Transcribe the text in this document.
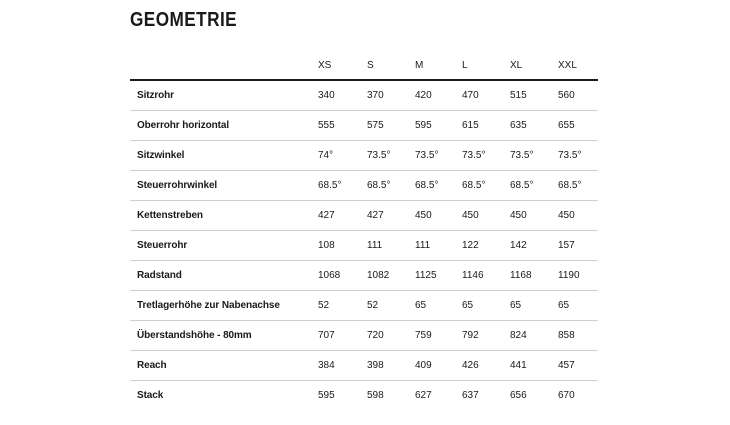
GEOMETRIE
	XS	S	M	L	XL	XXL
Sitzrohr	340	370	420	470	515	560
Oberrohr horizontal	555	575	595	615	635	655
Sitzwinkel	74°	73.5°	73.5°	73.5°	73.5°	73.5°
Steuerrohrwinkel	68.5°	68.5°	68.5°	68.5°	68.5°	68.5°
Kettenstreben	427	427	450	450	450	450
Steuerrohr	108	111	111	122	142	157
Radstand	1068	1082	1125	1146	1168	1190
Tretlagerhöhe zur Nabenachse	52	52	65	65	65	65
Überstandshöhe - 80mm	707	720	759	792	824	858
Reach	384	398	409	426	441	457
Stack	595	598	627	637	656	670
